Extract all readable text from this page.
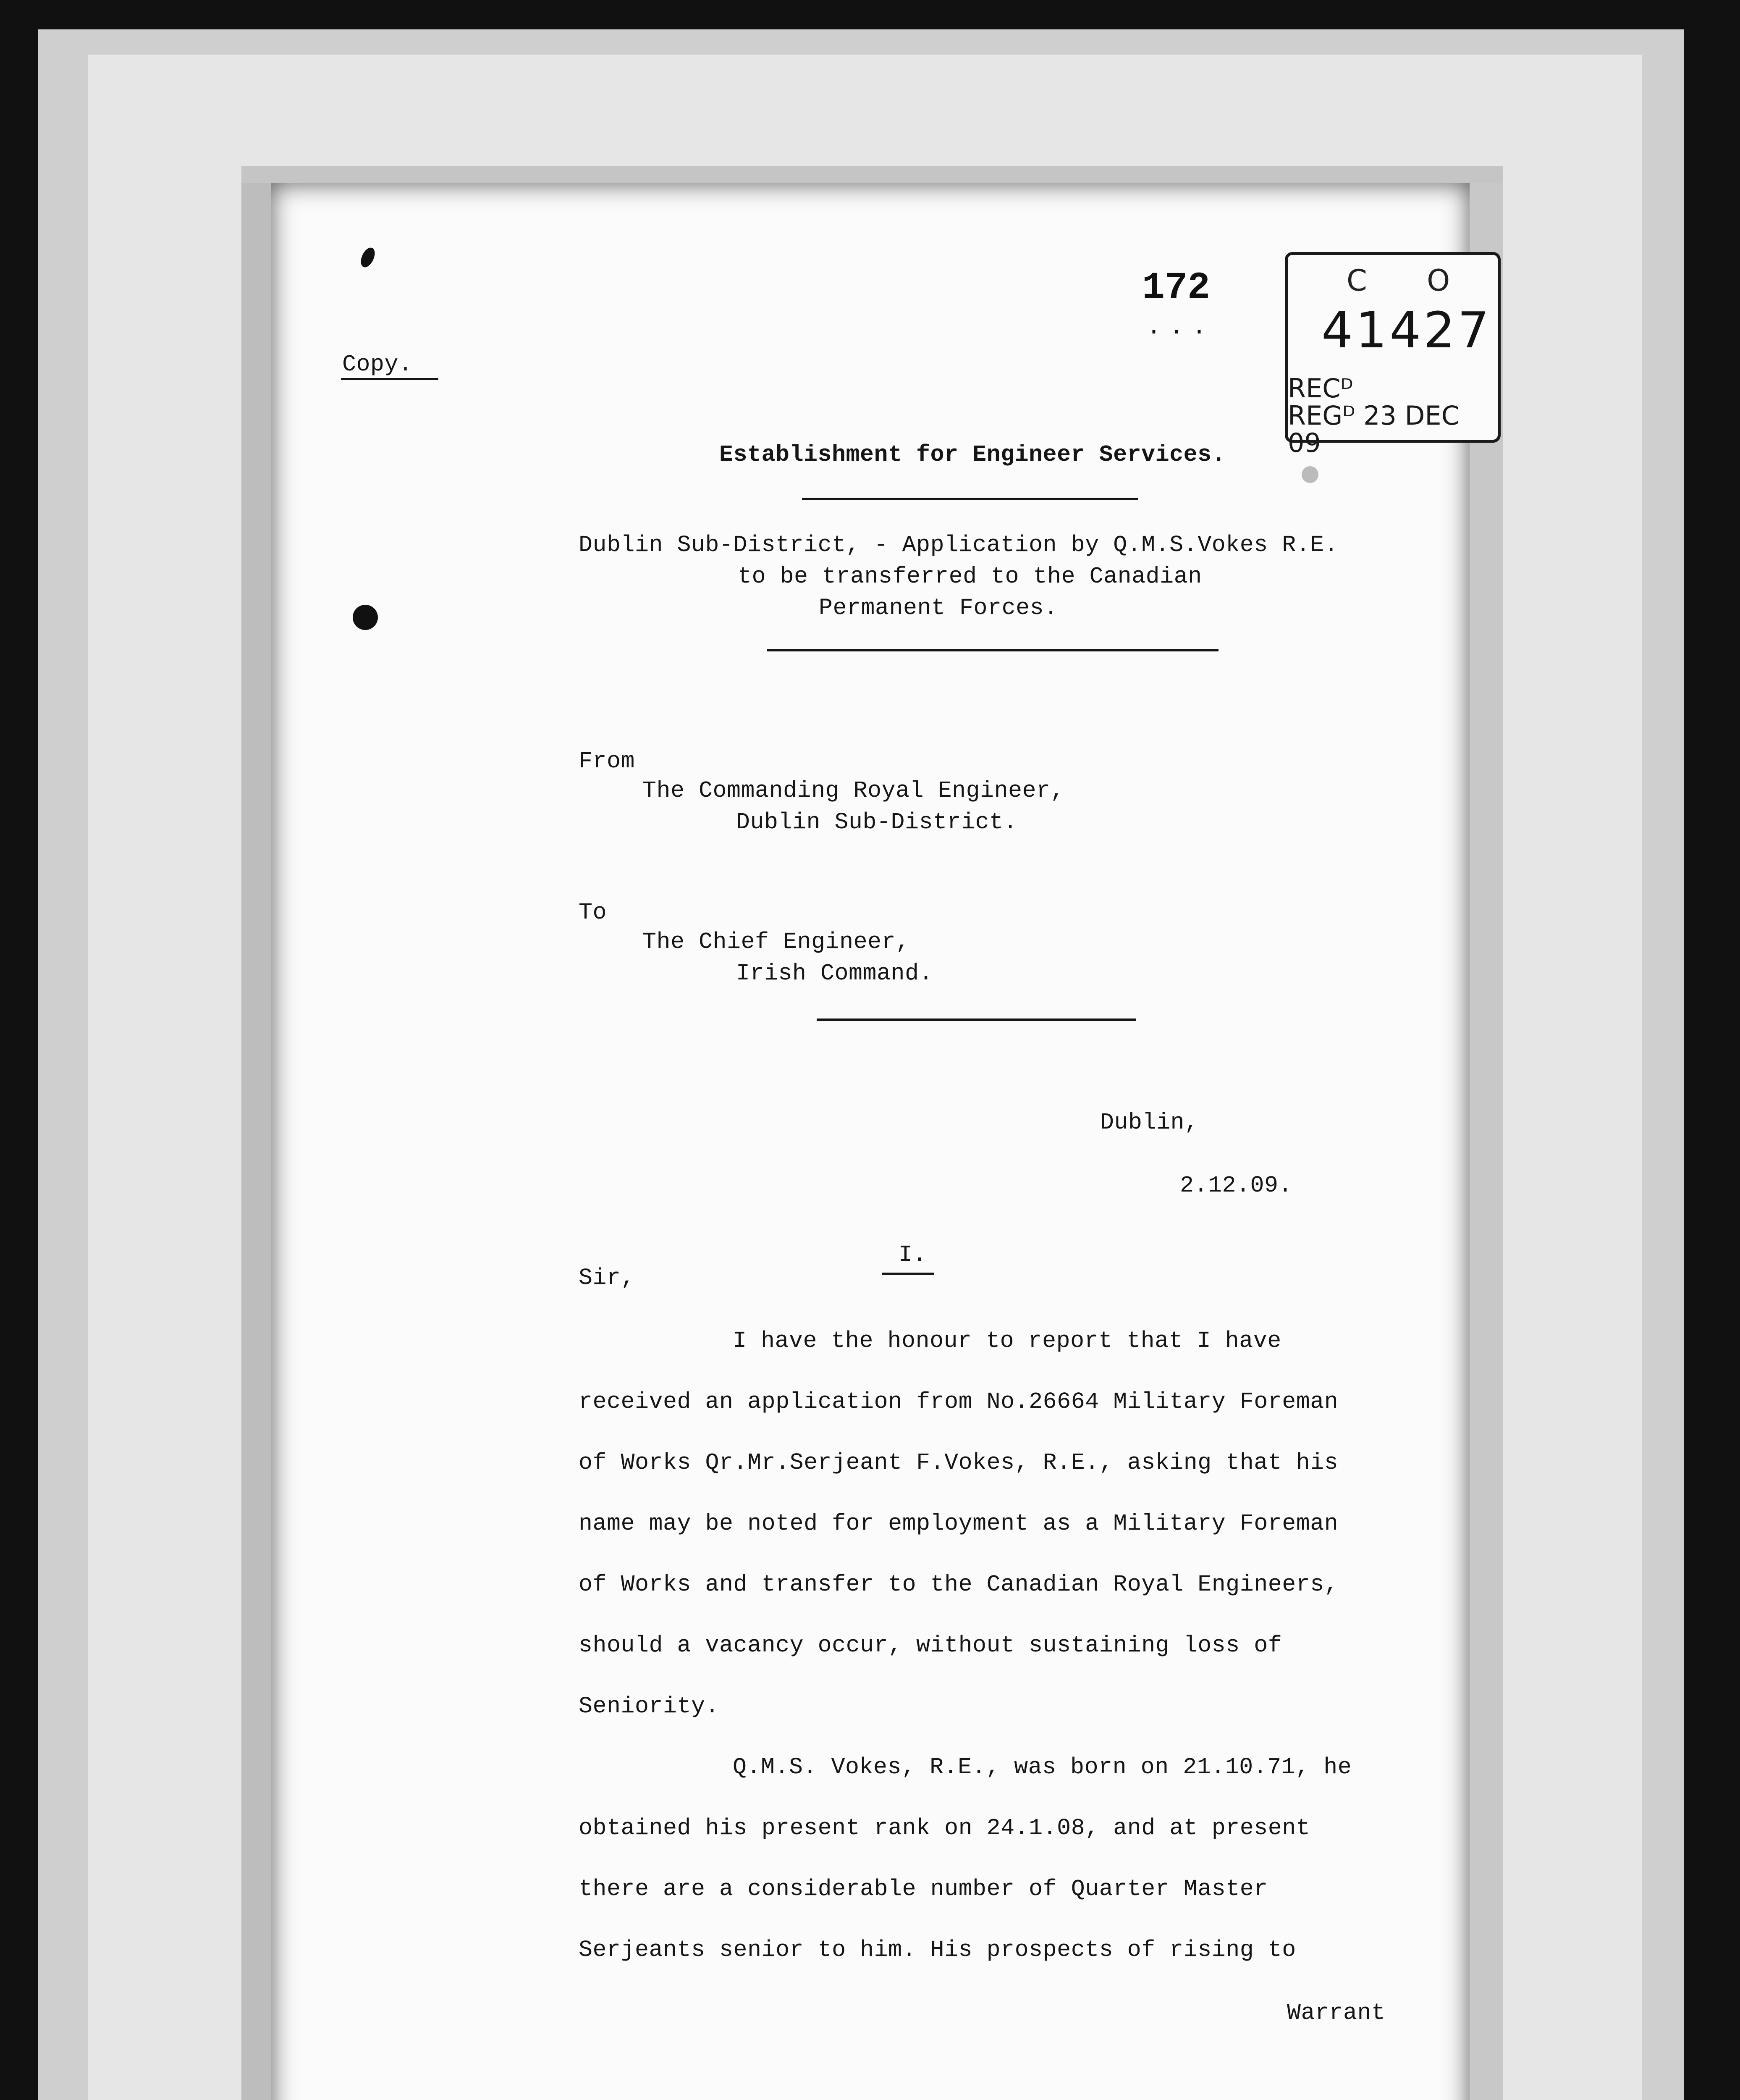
Copy.
172
...
C O
41427
RECᴰ
REGᴰ 23 DEC 09
Establishment for Engineer Services.
Dublin Sub-District, - Application by Q.M.S.Vokes R.E.
to be transferred to the Canadian
Permanent Forces.
From
The Commanding Royal Engineer,
Dublin Sub-District.
To
The Chief Engineer,
Irish Command.
Dublin,
2.12.09.
I.
Sir,
I have the honour to report that I have
received an application from No.26664 Military Foreman
of Works Qr.Mr.Serjeant F.Vokes, R.E., asking that his
name may be noted for employment as a Military Foreman
of Works and transfer to the Canadian Royal Engineers,
should a vacancy occur, without sustaining loss of
Seniority.
Q.M.S. Vokes, R.E., was born on 21.10.71, he
obtained his present rank on 24.1.08, and at present
there are a considerable number of Quarter Master
Serjeants senior to him. His prospects of rising to
Warrant
